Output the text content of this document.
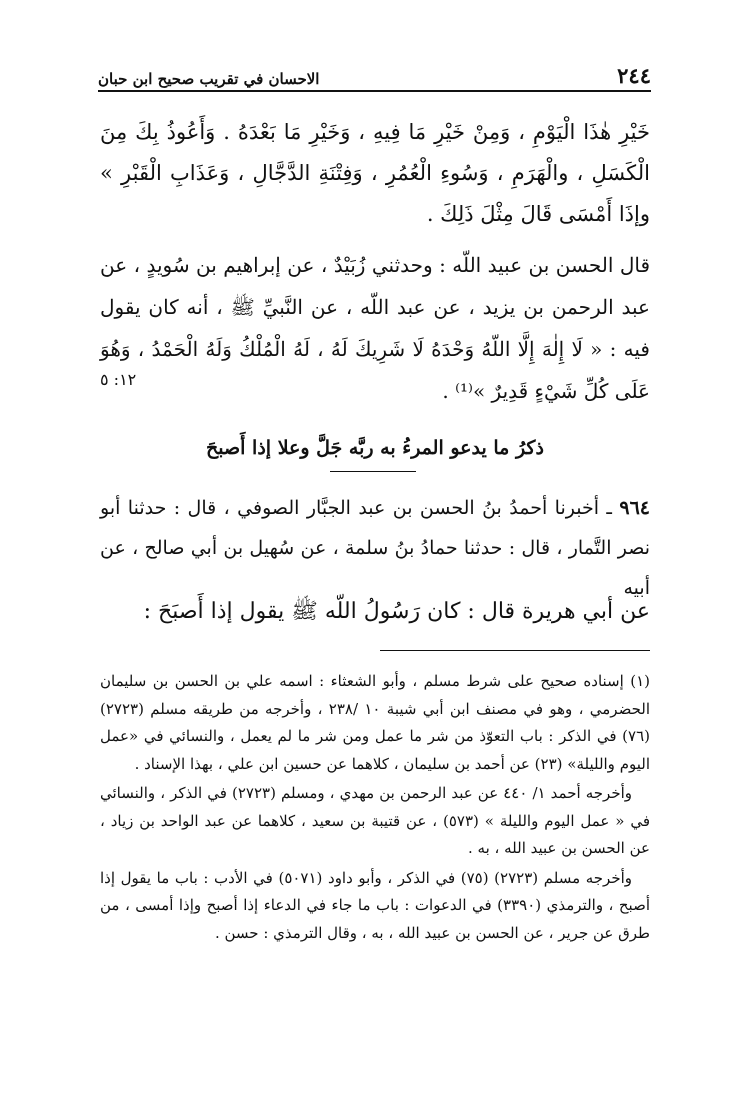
٢٤٤
الاحسان في تقريب صحيح ابن حبان
خَيْرِ هٰذَا الْيَوْمِ ، وَمِنْ خَيْرِ مَا فِيهِ ، وَخَيْرِ مَا بَعْدَهُ . وَأَعُوذُ بِكَ مِنَ الْكَسَلِ ، والْهَرَمِ ، وَسُوءِ الْعُمُرِ ، وَفِتْنَةِ الدَّجَّالِ ، وَعَذَابِ الْقَبْرِ » وإذَا أَمْسَى قَالَ مِثْلَ ذَلِكَ .
قال الحسن بن عبيد اللّه : وحدثني زُبَيْدٌ ، عن إبراهيم بن سُويدٍ ، عن عبد الرحمن بن يزيد ، عن عبد اللّه ، عن النَّبيِّ ﷺ ، أنه كان يقول فيه : « لَا إِلٰهَ إِلَّا اللّهُ وَحْدَهُ لَا شَرِيكَ لَهُ ، لَهُ الْمُلْكُ وَلَهُ الْحَمْدُ ، وَهُوَ عَلَى كُلِّ شَيْءٍ قَدِيرٌ »⁽¹⁾ .
١٢: ٥
ذكرُ ما يدعو المرءُ به ربَّه جَلَّ وعلا إذا أَصبحَ
٩٦٤ ـ أخبرنا أحمدُ بنُ الحسن بن عبد الجبَّار الصوفي ، قال : حدثنا أبو نصر التَّمار ، قال : حدثنا حمادُ بنُ سلمة ، عن سُهيل بن أبي صالح ، عن أبيه
عن أبي هريرة قال : كان رَسُولُ اللّه ﷺ يقول إذا أَصبَحَ :

(١) إسناده صحيح على شرط مسلم ، وأبو الشعثاء : اسمه علي بن الحسن بن سليمان الحضرمي ، وهو في مصنف ابن أبي شيبة ١٠ /٢٣٨ ، وأخرجه من طريقه مسلم (٢٧٢٣) (٧٦) في الذكر : باب التعوّذ من شر ما عمل ومن شر ما لم يعمل ، والنسائي في «عمل اليوم والليلة» (٢٣) عن أحمد بن سليمان ، كلاهما عن حسين ابن علي ، بهذا الإسناد .

وأخرجه أحمد ١/ ٤٤٠ عن عبد الرحمن بن مهدي ، ومسلم (٢٧٢٣) في الذكر ، والنسائي في « عمل اليوم والليلة » (٥٧٣) ، عن قتيبة بن سعيد ، كلاهما عن عبد الواحد بن زياد ، عن الحسن بن عبيد الله ، به .

وأخرجه مسلم (٢٧٢٣) (٧٥) في الذكر ، وأبو داود (٥٠٧١) في الأدب : باب ما يقول إذا أصبح ، والترمذي (٣٣٩٠) في الدعوات : باب ما جاء في الدعاء إذا أصبح وإذا أمسى ، من طرق عن جرير ، عن الحسن بن عبيد الله ، به ، وقال الترمذي : حسن .
